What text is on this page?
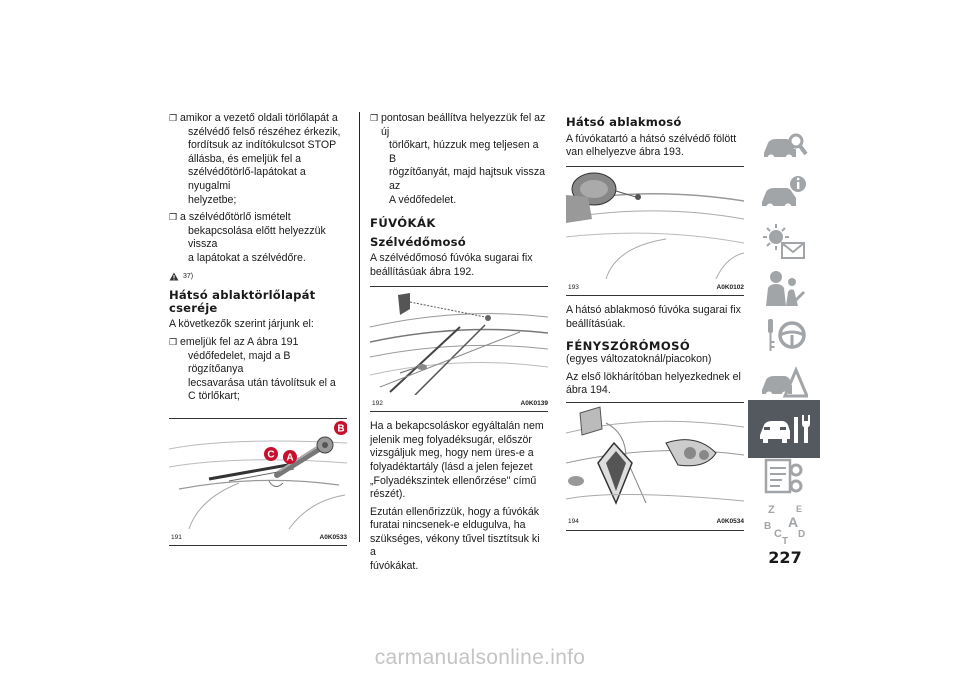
❒ amikor a vezető oldali törlőlapát a
szélvédő felső részéhez érkezik,
fordítsuk az indítókulcsot STOP
állásba, és emeljük fel a
szélvédőtörlő-lapátokat a nyugalmi
helyzetbe;
❒ a szélvédőtörlő ismételt
bekapcsolása előtt helyezzük vissza
a lapátokat a szélvédőre.
37)
Hátsó ablaktörlőlapát
cseréje

A következők szerint járjunk el:

❒ emeljük fel az A ábra 191
védőfedelet, majd a B rögzítőanya
lecsavarása után távolítsuk el a
C törlőkart;
B
C A
191	A0K0533
❒ pontosan beállítva helyezzük fel az új
törlőkart, húzzuk meg teljesen a B
rögzítőanyát, majd hajtsuk vissza az
A védőfedelet.
FÚVÓKÁK
Szélvédőmosó

A szélvédőmosó fúvóka sugarai fix
beállításúak ábra 192.

192	A0K0139

Ha a bekapcsoláskor egyáltalán nem
jelenik meg folyadéksugár, először
vizsgáljuk meg, hogy nem üres-e a
folyadéktartály (lásd a jelen fejezet
„Folyadékszintek ellenőrzése" című
részét).

Ezután ellenőrizzük, hogy a fúvókák
furatai nincsenek-e eldugulva, ha
szükséges, vékony tűvel tisztítsuk ki a
fúvókákat.

Hátsó ablakmosó

A fúvókatartó a hátsó szélvédő fölött
van elhelyezve ábra 193.

193	A0K0102

A hátsó ablakmosó fúvóka sugarai fix
beállításúak.

FÉNYSZÓRÓMOSÓ

(egyes változatoknál/piacokon)

Az első lökhárítóban helyezkednek el
ábra 194.

194	A0K0534
Z E
A
B
C D
T
227
carmanualsonline.info
